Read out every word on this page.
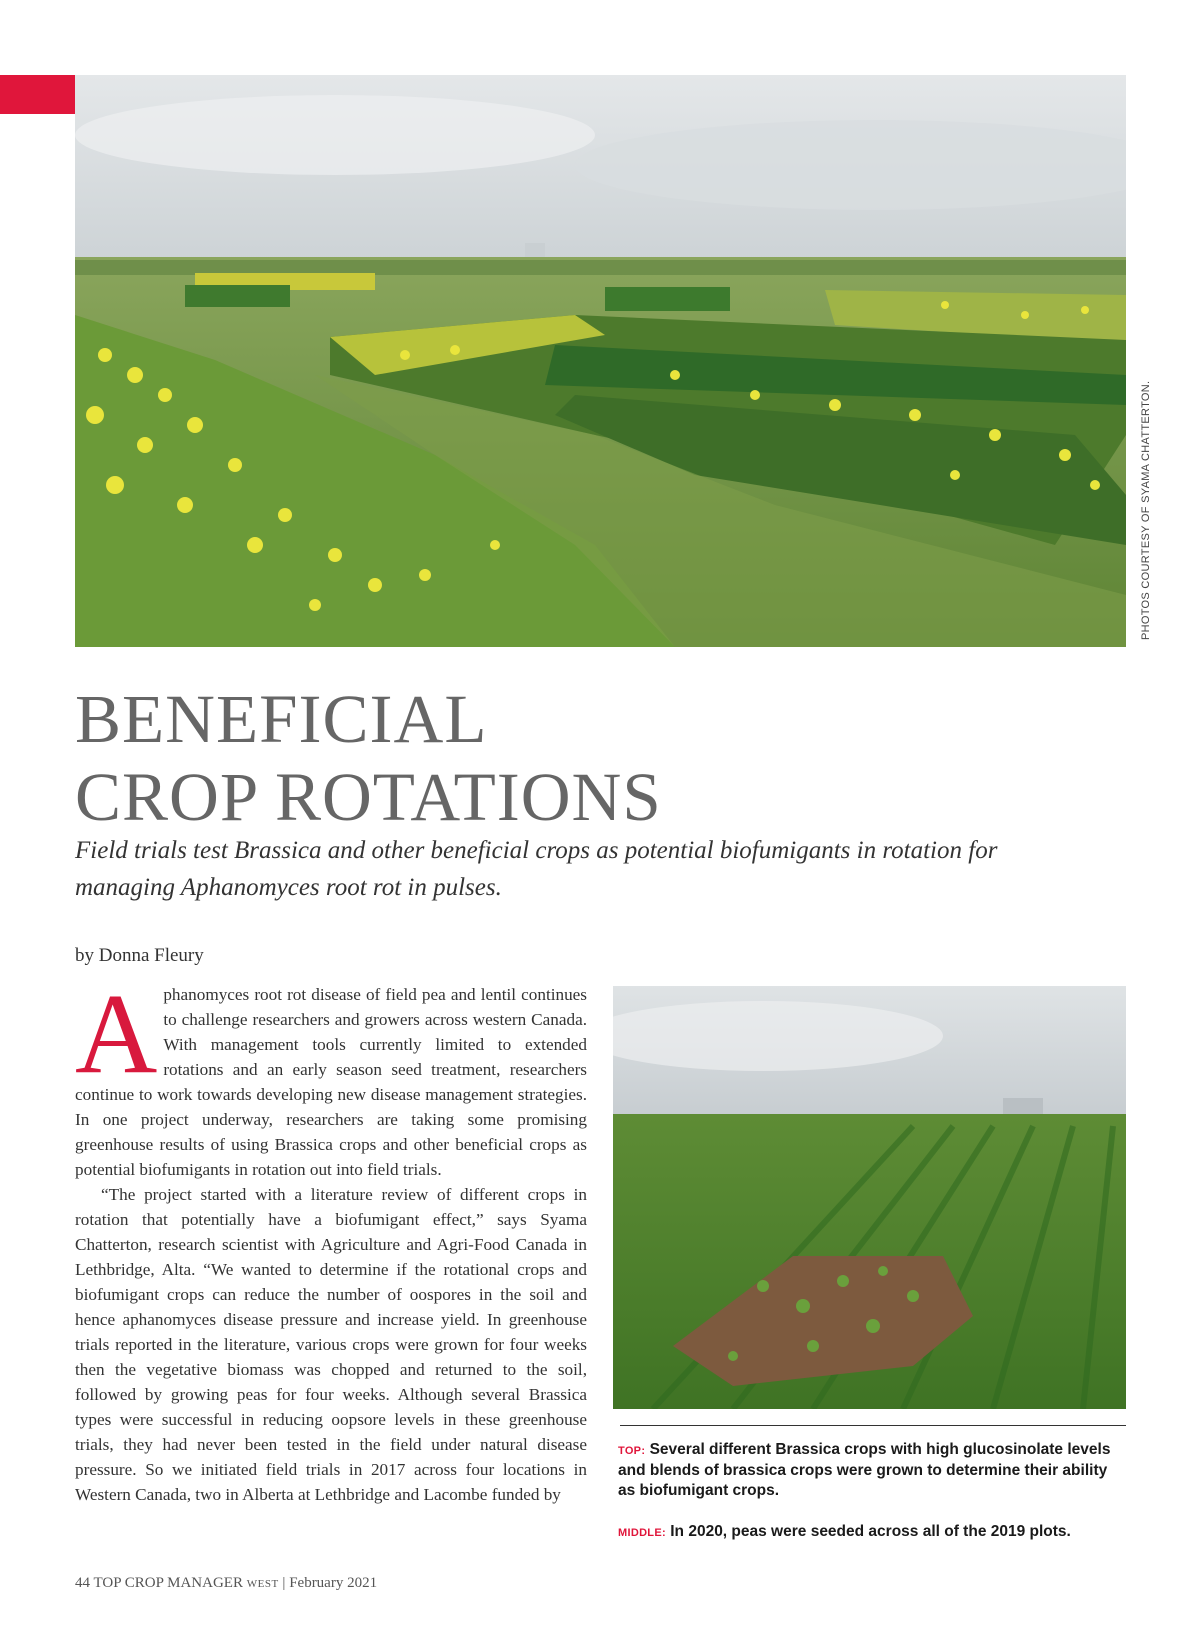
PHOTOS COURTESY OF SYAMA CHATTERTON.
BENEFICIAL
CROP ROTATIONS

Field trials test Brassica and other beneficial crops as potential biofumigants in rotation for managing Aphanomyces root rot in pulses.

by Donna Fleury

Aphanomyces root rot disease of field pea and lentil continues to challenge researchers and growers across western Canada. With management tools currently limited to extended rotations and an early season seed treatment, researchers continue to work towards developing new disease management strategies. In one project underway, researchers are taking some promising greenhouse results of using Brassica crops and other beneficial crops as potential biofumigants in rotation out into field trials.

“The project started with a literature review of different crops in rotation that potentially have a biofumigant effect,” says Syama Chatterton, research scientist with Agriculture and Agri-Food Canada in Lethbridge, Alta. “We wanted to determine if the rotational crops and biofumigant crops can reduce the number of oospores in the soil and hence aphanomyces disease pressure and increase yield. In greenhouse trials reported in the literature, various crops were grown for four weeks then the vegetative biomass was chopped and returned to the soil, followed by growing peas for four weeks. Although several Brassica types were successful in reducing oopsore levels in these greenhouse trials, they had never been tested in the field under natural disease pressure. So we initiated field trials in 2017 across four locations in Western Canada, two in Alberta at Lethbridge and Lacombe funded by

TOP: Several different Brassica crops with high glucosinolate levels and blends of brassica crops were grown to determine their ability as biofumigant crops.

MIDDLE: In 2020, peas were seeded across all of the 2019 plots.

44 TOP CROP MANAGER WEST | February 2021
